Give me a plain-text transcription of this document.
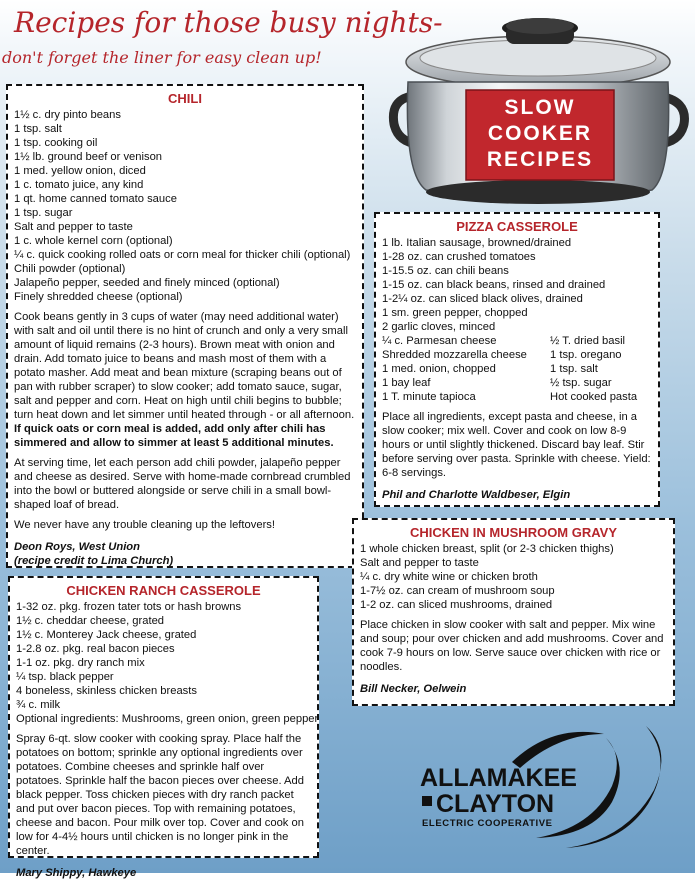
Recipes for those busy nights-
don't forget the liner for easy clean up!
SLOW
COOKER
RECIPES
CHILI
1½ c. dry pinto beans
1 tsp. salt
1 tsp. cooking oil
1½ lb. ground beef or venison
1 med. yellow onion, diced
1 c. tomato juice, any kind
1 qt. home canned tomato sauce
1 tsp. sugar
Salt and pepper to taste
1 c. whole kernel corn (optional)
¼ c. quick cooking rolled oats or corn meal for thicker chili (optional)
Chili powder (optional)
Jalapeño pepper, seeded and finely minced (optional)
Finely shredded cheese (optional)

Cook beans gently in 3 cups of water (may need additional water) with salt and oil until there is no hint of crunch and only a very small amount of liquid remains (2-3 hours). Brown meat with onion and drain. Add tomato juice to beans and mash most of them with a potato masher. Add meat and bean mixture (scraping beans out of pan with rubber scraper) to slow cooker; add tomato sauce, sugar, salt and pepper and corn. Heat on high until chili begins to bubble; turn heat down and let simmer until heated through - or all afternoon.

If quick oats or corn meal is added, add only after chili has simmered and allow to simmer at least 5 additional minutes.

At serving time, let each person add chili powder, jalapeño pepper and cheese as desired. Serve with home-made cornbread crumbled into the bowl or buttered alongside or serve chili in a small bowl-shaped loaf of bread.

We never have any trouble cleaning up the leftovers!

Deon Roys, West Union
(recipe credit to Lima Church)
PIZZA CASSEROLE
1 lb. Italian sausage, browned/drained
1-28 oz. can crushed tomatoes
1-15.5 oz. can chili beans
1-15 oz. can black beans, rinsed and drained
1-2¼ oz. can sliced black olives, drained
1 sm. green pepper, chopped
2 garlic cloves, minced
¼ c. Parmesan cheese	½ T. dried basil
Shredded mozzarella cheese	1 tsp. oregano
1 med. onion, chopped	1 tsp. salt
1 bay leaf	½ tsp. sugar
1 T. minute tapioca	Hot cooked pasta

Place all ingredients, except pasta and cheese, in a slow cooker; mix well. Cover and cook on low 8-9 hours or until slightly thickened. Discard bay leaf. Stir before serving over pasta. Sprinkle with cheese. Yield: 6-8 servings.

Phil and Charlotte Waldbeser, Elgin
CHICKEN IN MUSHROOM GRAVY
1 whole chicken breast, split (or 2-3 chicken thighs)
Salt and pepper to taste
¼ c. dry white wine or chicken broth
1-7½ oz. can cream of mushroom soup
1-2 oz. can sliced mushrooms, drained

Place chicken in slow cooker with salt and pepper. Mix wine and soup; pour over chicken and add mushrooms. Cover and cook 7-9 hours on low. Serve sauce over chicken with rice or noodles.

Bill Necker, Oelwein
CHICKEN RANCH CASSEROLE
1-32 oz. pkg. frozen tater tots or hash browns
1½ c. cheddar cheese, grated
1½ c. Monterey Jack cheese, grated
1-2.8 oz. pkg. real bacon pieces
1-1 oz. pkg. dry ranch mix
¼ tsp. black pepper
4 boneless, skinless chicken breasts
¾ c. milk
Optional ingredients: Mushrooms, green onion, green pepper

Spray 6-qt. slow cooker with cooking spray. Place half the potatoes on bottom; sprinkle any optional ingredients over potatoes. Combine cheeses and sprinkle half over potatoes. Sprinkle half the bacon pieces over cheese. Add black pepper. Toss chicken pieces with dry ranch packet and put over bacon pieces. Top with remaining potatoes, cheese and bacon. Pour milk over top. Cover and cook on low for 4-4½ hours until chicken is no longer pink in the center.

Mary Shippy, Hawkeye
ALLAMAKEE
CLAYTON
ELECTRIC COOPERATIVE
